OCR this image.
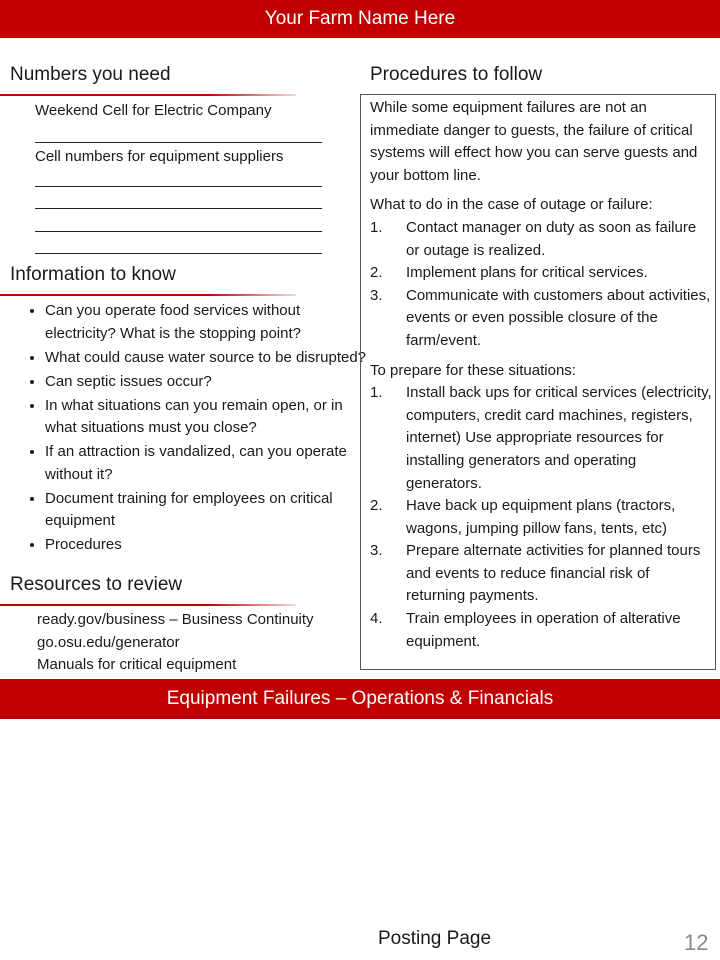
Your Farm Name Here
Numbers you need
Weekend Cell for Electric Company
Cell numbers for equipment suppliers
Information to know
• Can you operate food services without electricity? What is the stopping point?
• What could cause water source to be disrupted?
• Can septic issues occur?
• In what situations can you remain open, or in what situations must you close?
• If an attraction is vandalized, can you operate without it?
• Document training for employees on critical equipment
• Procedures
Resources to review
ready.gov/business – Business Continuity
go.osu.edu/generator
Manuals for critical equipment
Procedures to follow

While some equipment failures are not an immediate danger to guests, the failure of critical systems will effect how you can serve guests and your bottom line.

What to do in the case of outage or failure:

1. Contact manager on duty as soon as failure or outage is realized.
2. Implement plans for critical services.
3. Communicate with customers about activities, events or even possible closure of the farm/event.

To prepare for these situations:

1. Install back ups for critical services (electricity, computers, credit card machines, registers, internet) Use appropriate resources for installing generators and operating generators.
2. Have back up equipment plans (tractors, wagons, jumping pillow fans, tents, etc)
3. Prepare alternate activities for planned tours and events to reduce financial risk of returning payments.
4. Train employees in operation of alterative equipment.
Equipment Failures – Operations & Financials
Posting Page	12
